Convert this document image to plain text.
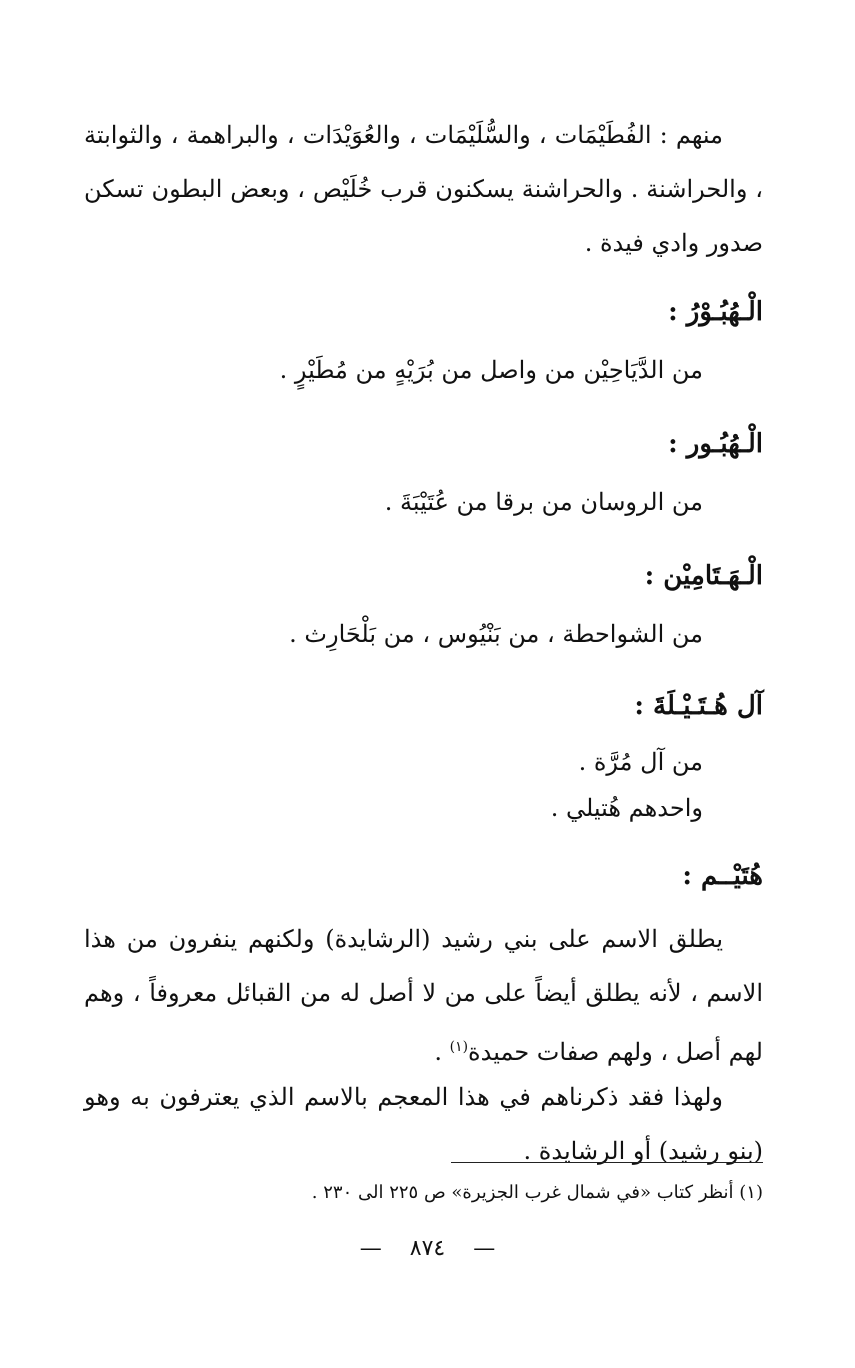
منهم : الفُطَيْمَات ، والسُّلَيْمَات ، والعُوَيْدَات ، والبراهمة ، والثوابتة ، والحراشنة . والحراشنة يسكنون قرب خُلَيْص ، وبعض البطون تسكن صدور وادي فيدة .

الْـهُبُـوْرُ :
من الدَّيَاحِيْن من واصل من بُرَيْهٍ من مُطَيْرٍ .
الْـهُبُـور :
من الروسان من برقا من عُتَيْبَةَ .
الْـهَـتَامِيْن :
من الشواحطة ، من بَنْيُوس ، من بَلْحَارِث .
آل هُـتَـيْـلَةَ :
من آل مُرَّة .
واحدهم هُتيلي .
هُتَيْــم :

يطلق الاسم على بني رشيد (الرشايدة) ولكنهم ينفرون من هذا الاسم ، لأنه يطلق أيضاً على من لا أصل له من القبائل معروفاً ، وهم لهم أصل ، ولهم صفات حميدة$^{(١)}$ .

ولهذا فقد ذكرناهم في هذا المعجم بالاسم الذي يعترفون به وهو (بنو رشيد) أو الرشايدة .

(١) أنظر كتاب «في شمال غرب الجزيرة» ص ٢٢٥ الى ٢٣٠ .
— ٨٧٤ —
